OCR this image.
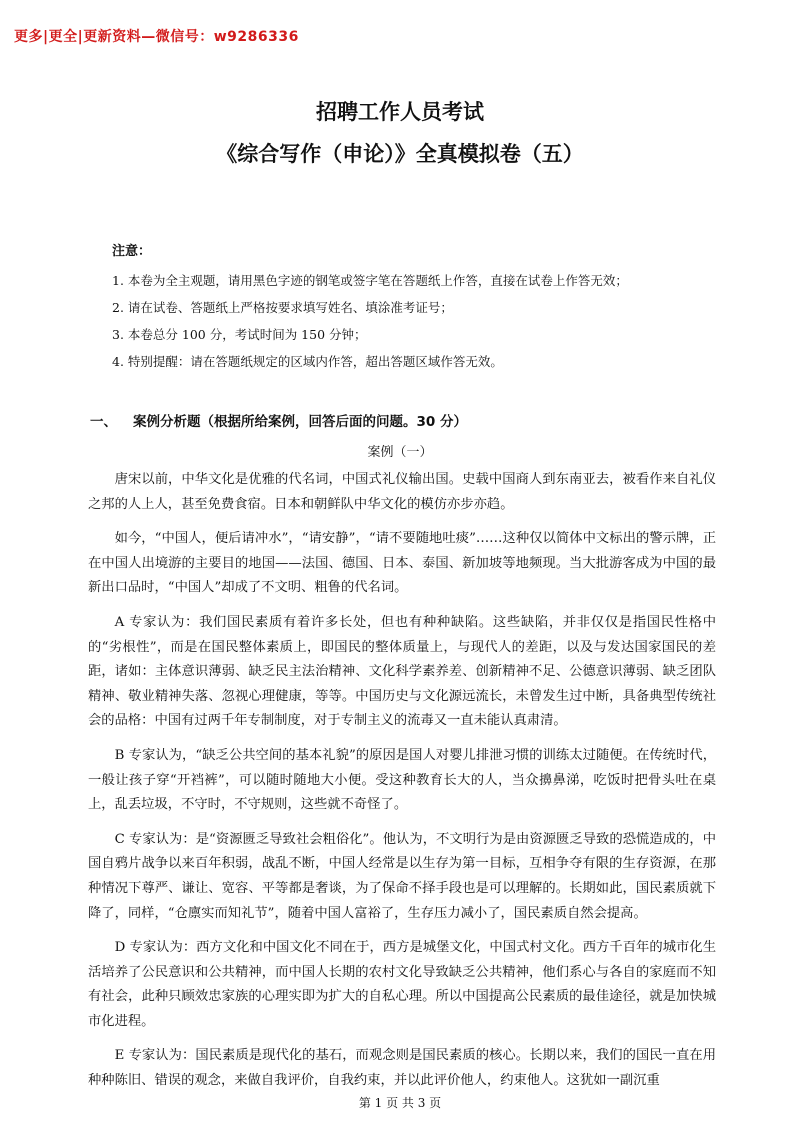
更多|更全|更新资料—微信号：w9286336
招聘工作人员考试
《综合写作（申论）》全真模拟卷（五）
注意：
1. 本卷为全主观题，请用黑色字迹的钢笔或签字笔在答题纸上作答，直接在试卷上作答无效；
2. 请在试卷、答题纸上严格按要求填写姓名、填涂准考证号；
3. 本卷总分 100 分，考试时间为 150 分钟；
4. 特别提醒：请在答题纸规定的区域内作答，超出答题区域作答无效。
一、 案例分析题（根据所给案例，回答后面的问题。30 分）
案例（一）

唐宋以前，中华文化是优雅的代名词，中国式礼仪输出国。史载中国商人到东南亚去，被看作来自礼仪之邦的人上人，甚至免费食宿。日本和朝鲜队中华文化的模仿亦步亦趋。

如今，“中国人，便后请冲水”，“请安静”，“请不要随地吐痰”……这种仅以简体中文标出的警示牌，正在中国人出境游的主要目的地国——法国、德国、日本、泰国、新加坡等地频现。当大批游客成为中国的最新出口品时，“中国人”却成了不文明、粗鲁的代名词。

A 专家认为：我们国民素质有着许多长处，但也有种种缺陷。这些缺陷，并非仅仅是指国民性格中的“劣根性”，而是在国民整体素质上，即国民的整体质量上，与现代人的差距，以及与发达国家国民的差距，诸如：主体意识薄弱、缺乏民主法治精神、文化科学素养差、创新精神不足、公德意识薄弱、缺乏团队精神、敬业精神失落、忽视心理健康，等等。中国历史与文化源远流长，未曾发生过中断，具备典型传统社会的品格：中国有过两千年专制制度，对于专制主义的流毒又一直未能认真肃清。

B 专家认为，“缺乏公共空间的基本礼貌”的原因是国人对婴儿排泄习惯的训练太过随便。在传统时代，一般让孩子穿“开裆裤”，可以随时随地大小便。受这种教育长大的人，当众擤鼻涕，吃饭时把骨头吐在桌上，乱丢垃圾，不守时，不守规则，这些就不奇怪了。

C 专家认为：是“资源匮乏导致社会粗俗化”。他认为，不文明行为是由资源匮乏导致的恐慌造成的，中国自鸦片战争以来百年积弱，战乱不断，中国人经常是以生存为第一目标，互相争夺有限的生存资源，在那种情况下尊严、谦让、宽容、平等都是奢谈，为了保命不择手段也是可以理解的。长期如此，国民素质就下降了，同样，“仓廪实而知礼节”，随着中国人富裕了，生存压力减小了，国民素质自然会提高。

D 专家认为：西方文化和中国文化不同在于，西方是城堡文化，中国式村文化。西方千百年的城市化生活培养了公民意识和公共精神，而中国人长期的农村文化导致缺乏公共精神，他们系心与各自的家庭而不知有社会，此种只顾效忠家族的心理实即为扩大的自私心理。所以中国提高公民素质的最佳途径，就是加快城市化进程。

E 专家认为：国民素质是现代化的基石，而观念则是国民素质的核心。长期以来，我们的国民一直在用种种陈旧、错误的观念，来做自我评价，自我约束，并以此评价他人，约束他人。这犹如一副沉重

第 1 页 共 3 页
